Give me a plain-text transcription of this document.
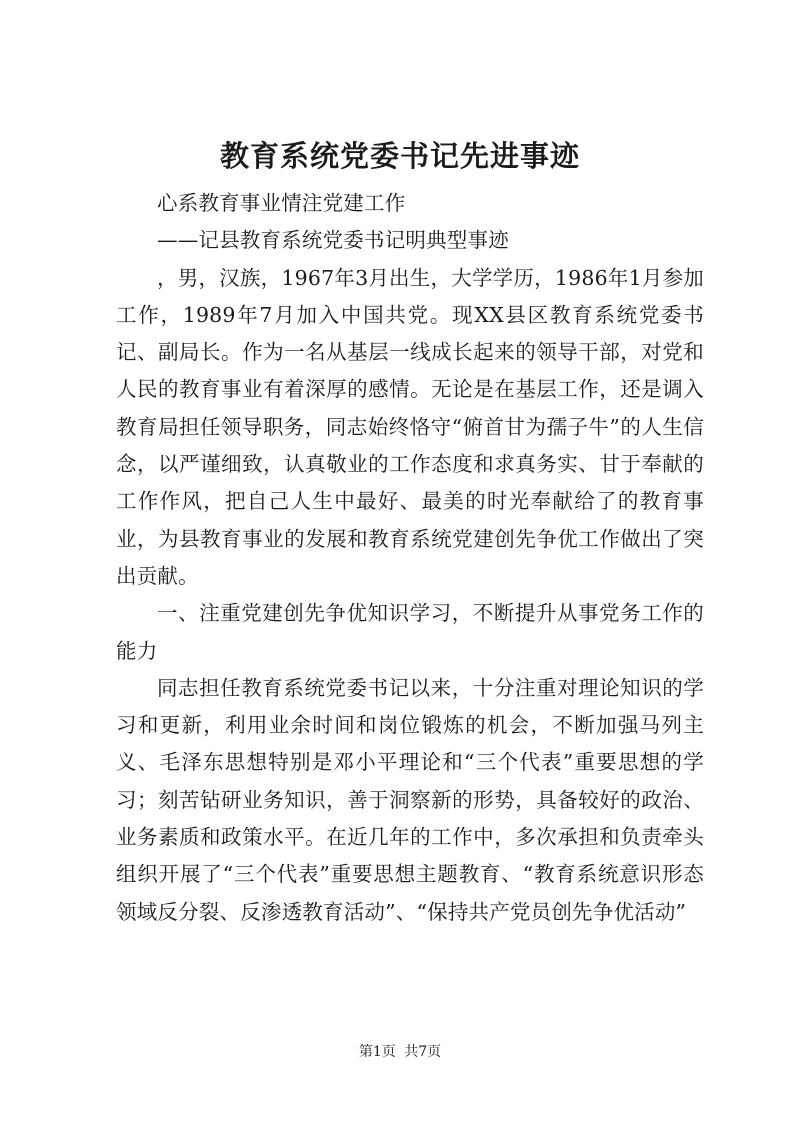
教育系统党委书记先进事迹

心系教育事业情注党建工作

——记县教育系统党委书记明典型事迹

，男，汉族，1967年3月出生，大学学历，1986年1月参加工作，1989年7月加入中国共党。现XX县区教育系统党委书记、副局长。作为一名从基层一线成长起来的领导干部，对党和人民的教育事业有着深厚的感情。无论是在基层工作，还是调入教育局担任领导职务，同志始终恪守“俯首甘为孺子牛”的人生信念，以严谨细致，认真敬业的工作态度和求真务实、甘于奉献的工作作风，把自己人生中最好、最美的时光奉献给了的教育事业，为县教育事业的发展和教育系统党建创先争优工作做出了突出贡献。

一、注重党建创先争优知识学习，不断提升从事党务工作的能力

同志担任教育系统党委书记以来，十分注重对理论知识的学习和更新，利用业余时间和岗位锻炼的机会，不断加强马列主义、毛泽东思想特别是邓小平理论和“三个代表”重要思想的学习；刻苦钻研业务知识，善于洞察新的形势，具备较好的政治、业务素质和政策水平。在近几年的工作中，多次承担和负责牵头组织开展了“三个代表”重要思想主题教育、“教育系统意识形态领域反分裂、反渗透教育活动”、“保持共产党员创先争优活动”

第1页 共7页
